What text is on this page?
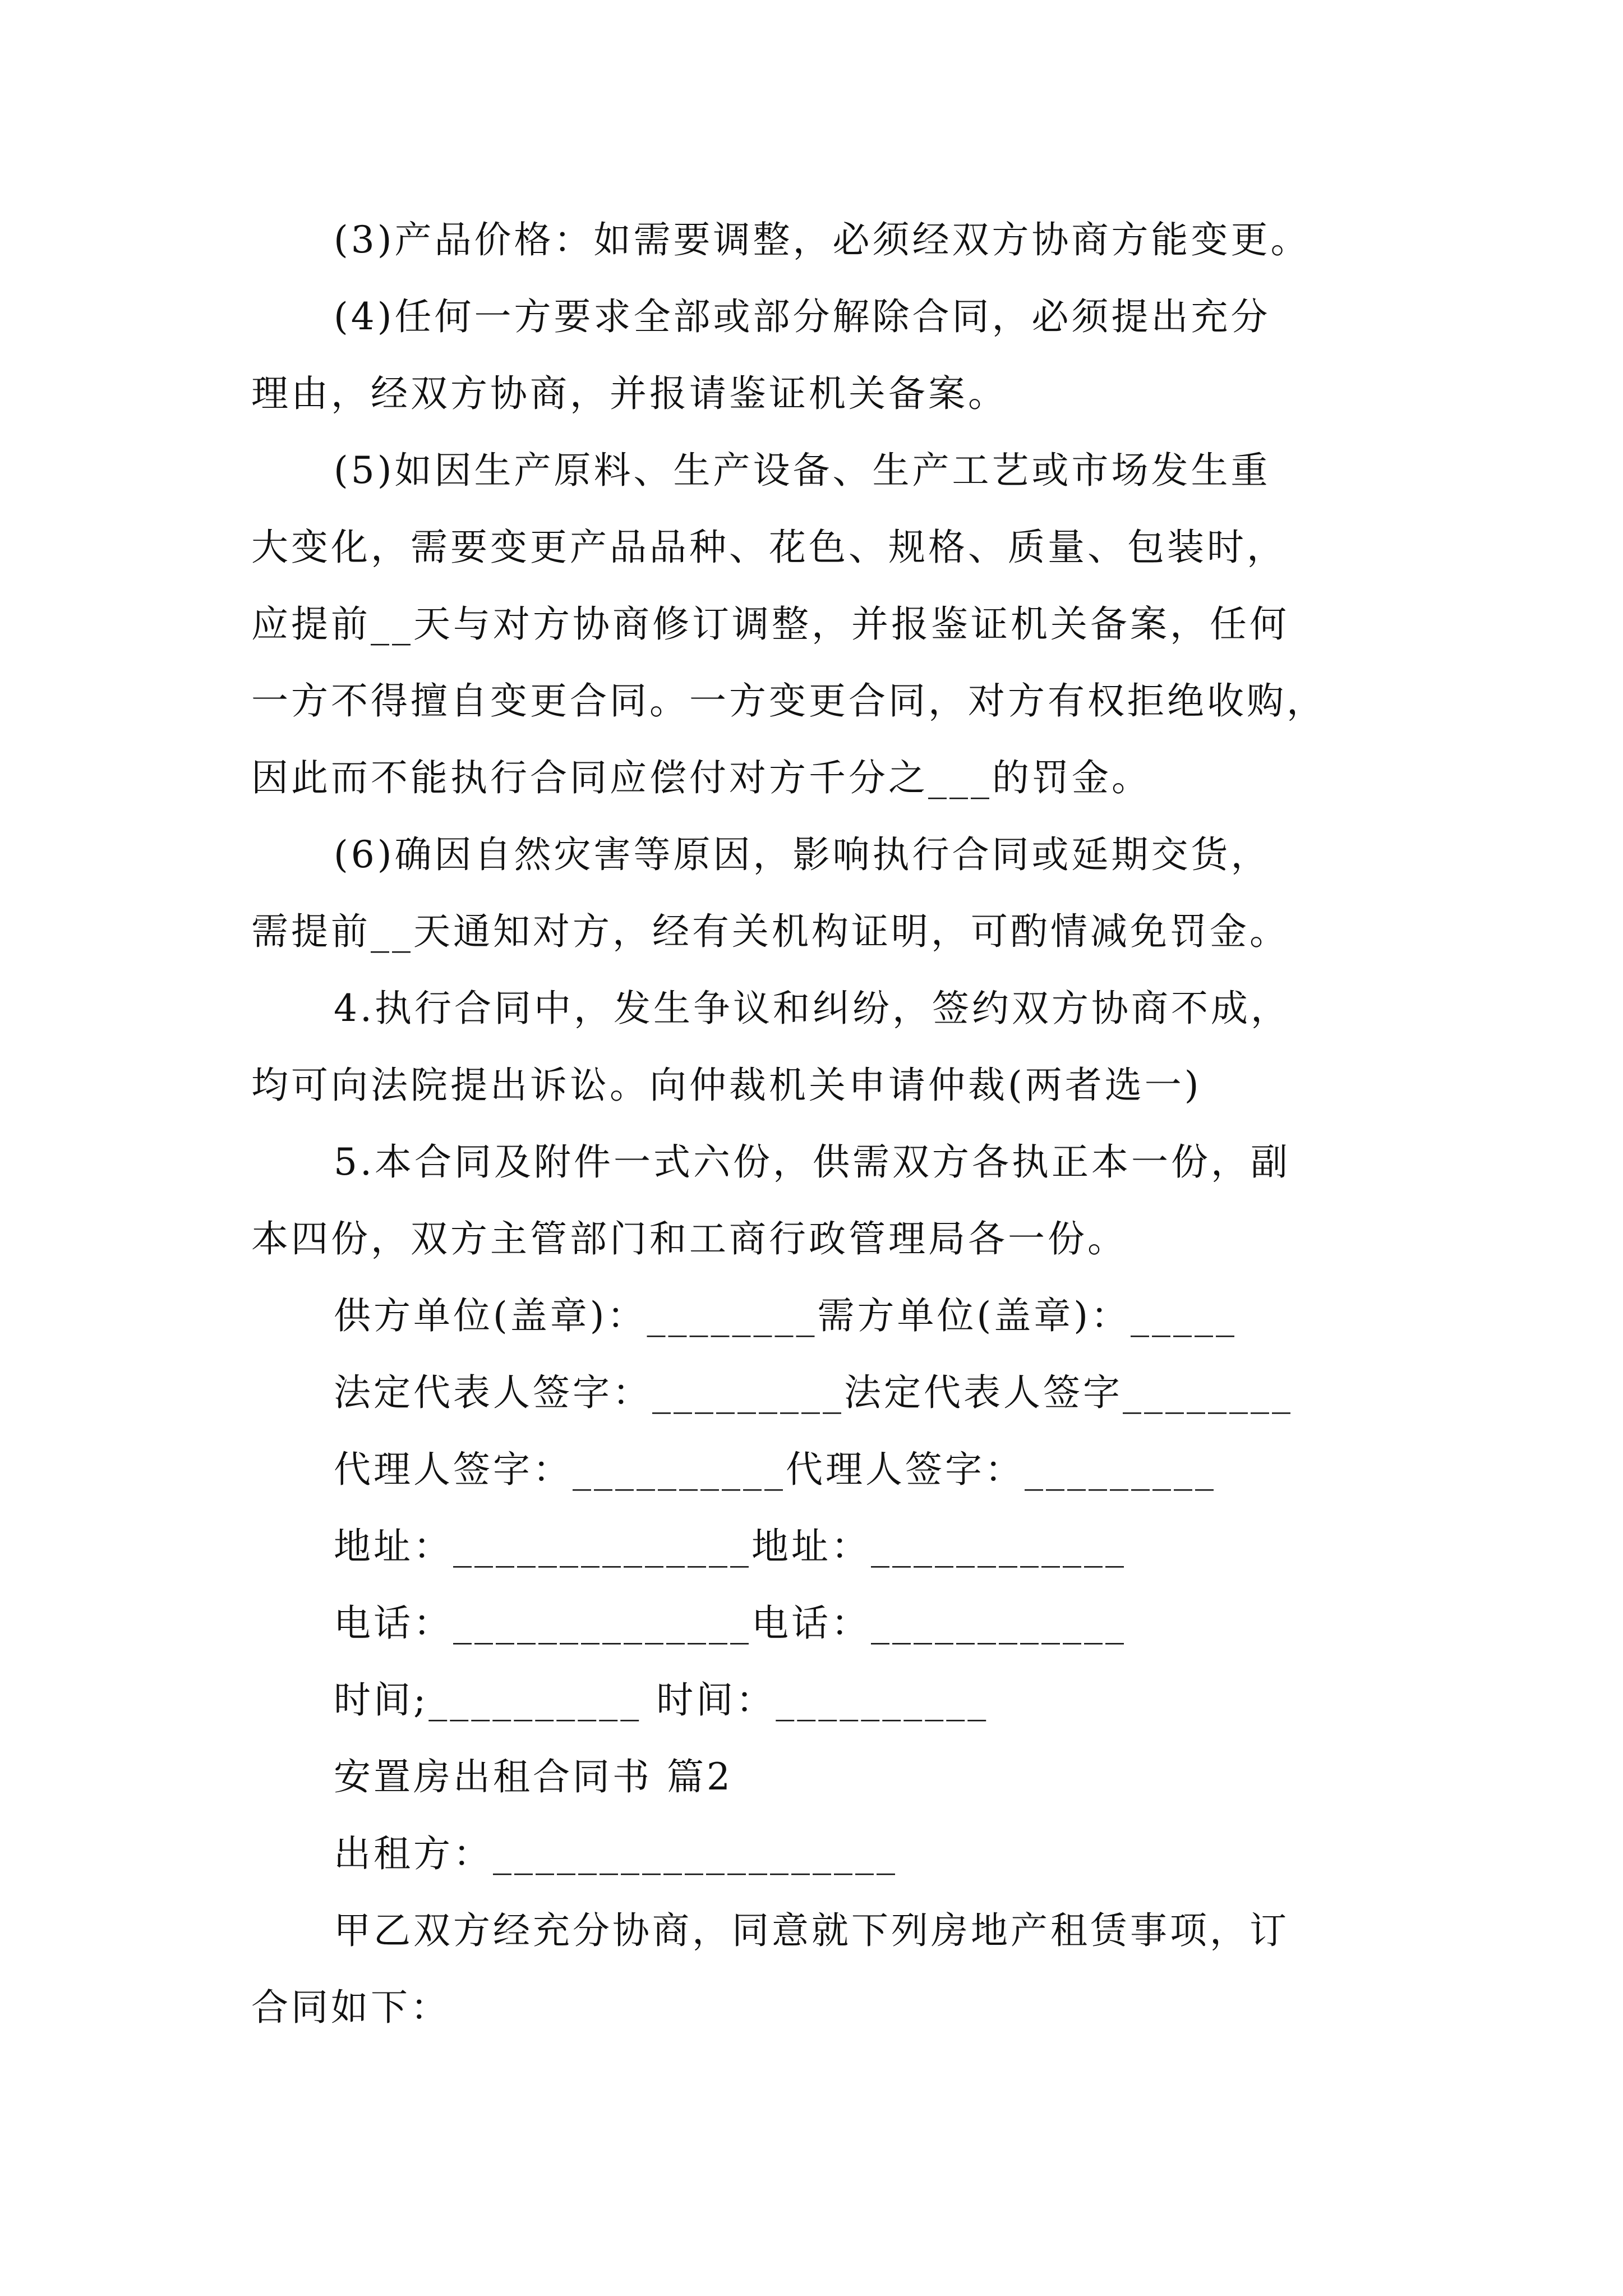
(3)产品价格：如需要调整，必须经双方协商方能变更。
(4)任何一方要求全部或部分解除合同，必须提出充分
理由，经双方协商，并报请鉴证机关备案。
(5)如因生产原料、生产设备、生产工艺或市场发生重
大变化，需要变更产品品种、花色、规格、质量、包装时，
应提前__天与对方协商修订调整，并报鉴证机关备案，任何
一方不得擅自变更合同。一方变更合同，对方有权拒绝收购，
因此而不能执行合同应偿付对方千分之___的罚金。
(6)确因自然灾害等原因，影响执行合同或延期交货，
需提前__天通知对方，经有关机构证明，可酌情减免罚金。
4.执行合同中，发生争议和纠纷，签约双方协商不成，
均可向法院提出诉讼。向仲裁机关申请仲裁(两者选一)
5.本合同及附件一式六份，供需双方各执正本一份，副
本四份，双方主管部门和工商行政管理局各一份。
供方单位(盖章)：________需方单位(盖章)：_____
法定代表人签字：_________法定代表人签字________
代理人签字：__________代理人签字：_________
地址：______________地址：____________
电话：______________电话：____________
时间;__________ 时间：__________
安置房出租合同书 篇2
出租方：___________________
甲乙双方经充分协商，同意就下列房地产租赁事项，订
合同如下：
